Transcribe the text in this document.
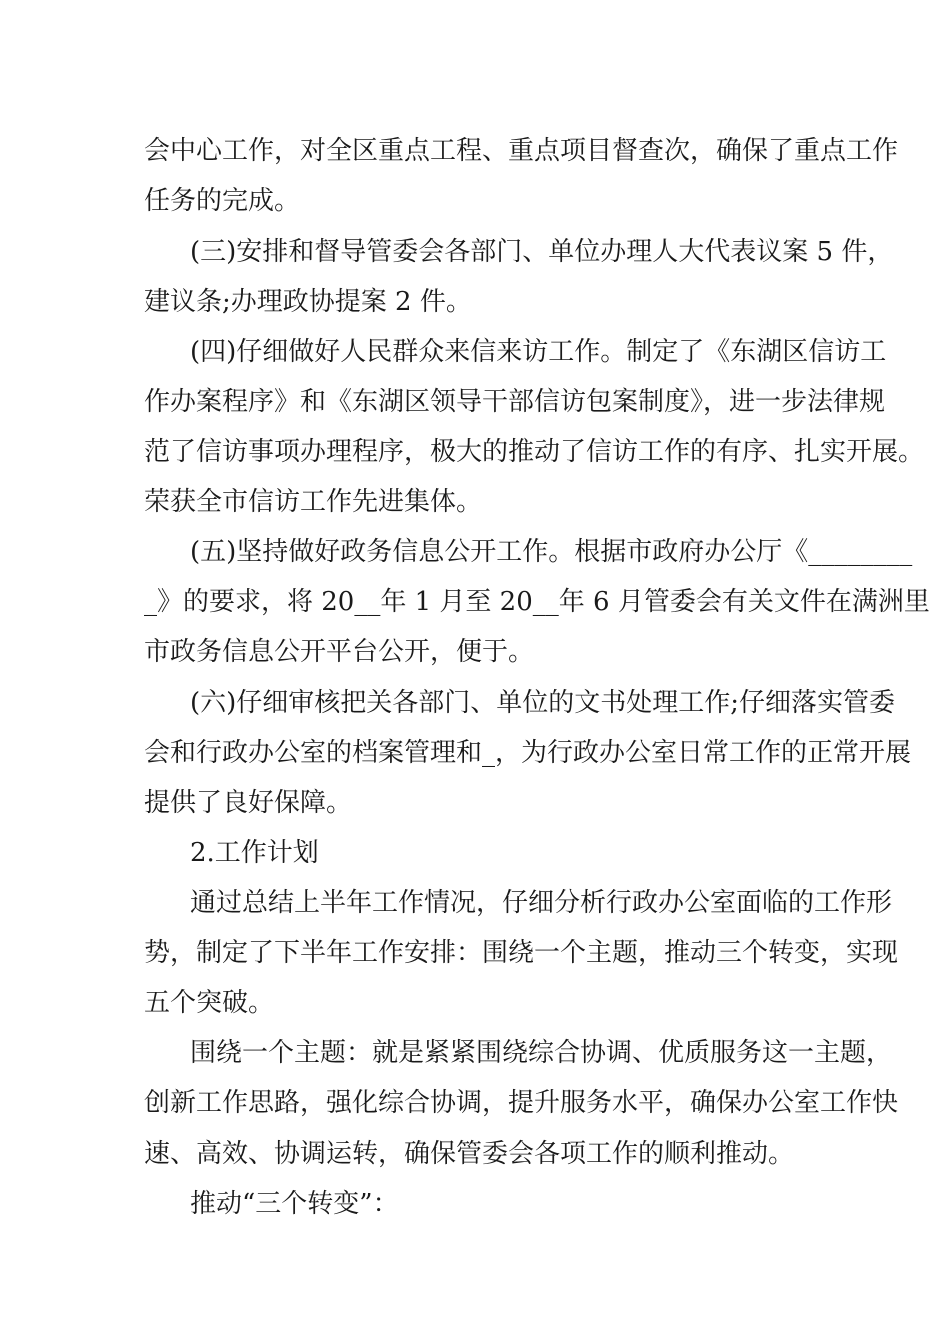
会中心工作，对全区重点工程、重点项目督查次，确保了重点工作

任务的完成。

(三)安排和督导管委会各部门、单位办理人大代表议案 5 件，

建议条;办理政协提案 2 件。

(四)仔细做好人民群众来信来访工作。制定了《东湖区信访工

作办案程序》和《东湖区领导干部信访包案制度》，进一步法律规

范了信访事项办理程序，极大的推动了信访工作的有序、扎实开展。

荣获全市信访工作先进集体。

(五)坚持做好政务信息公开工作。根据市政府办公厅《________

_》的要求，将 20__年 1 月至 20__年 6 月管委会有关文件在满洲里

市政务信息公开平台公开，便于。

(六)仔细审核把关各部门、单位的文书处理工作;仔细落实管委

会和行政办公室的档案管理和_，为行政办公室日常工作的正常开展

提供了良好保障。

2.工作计划

通过总结上半年工作情况，仔细分析行政办公室面临的工作形

势，制定了下半年工作安排：围绕一个主题，推动三个转变，实现

五个突破。

围绕一个主题：就是紧紧围绕综合协调、优质服务这一主题，

创新工作思路，强化综合协调，提升服务水平，确保办公室工作快

速、高效、协调运转，确保管委会各项工作的顺利推动。

推动“三个转变”：
